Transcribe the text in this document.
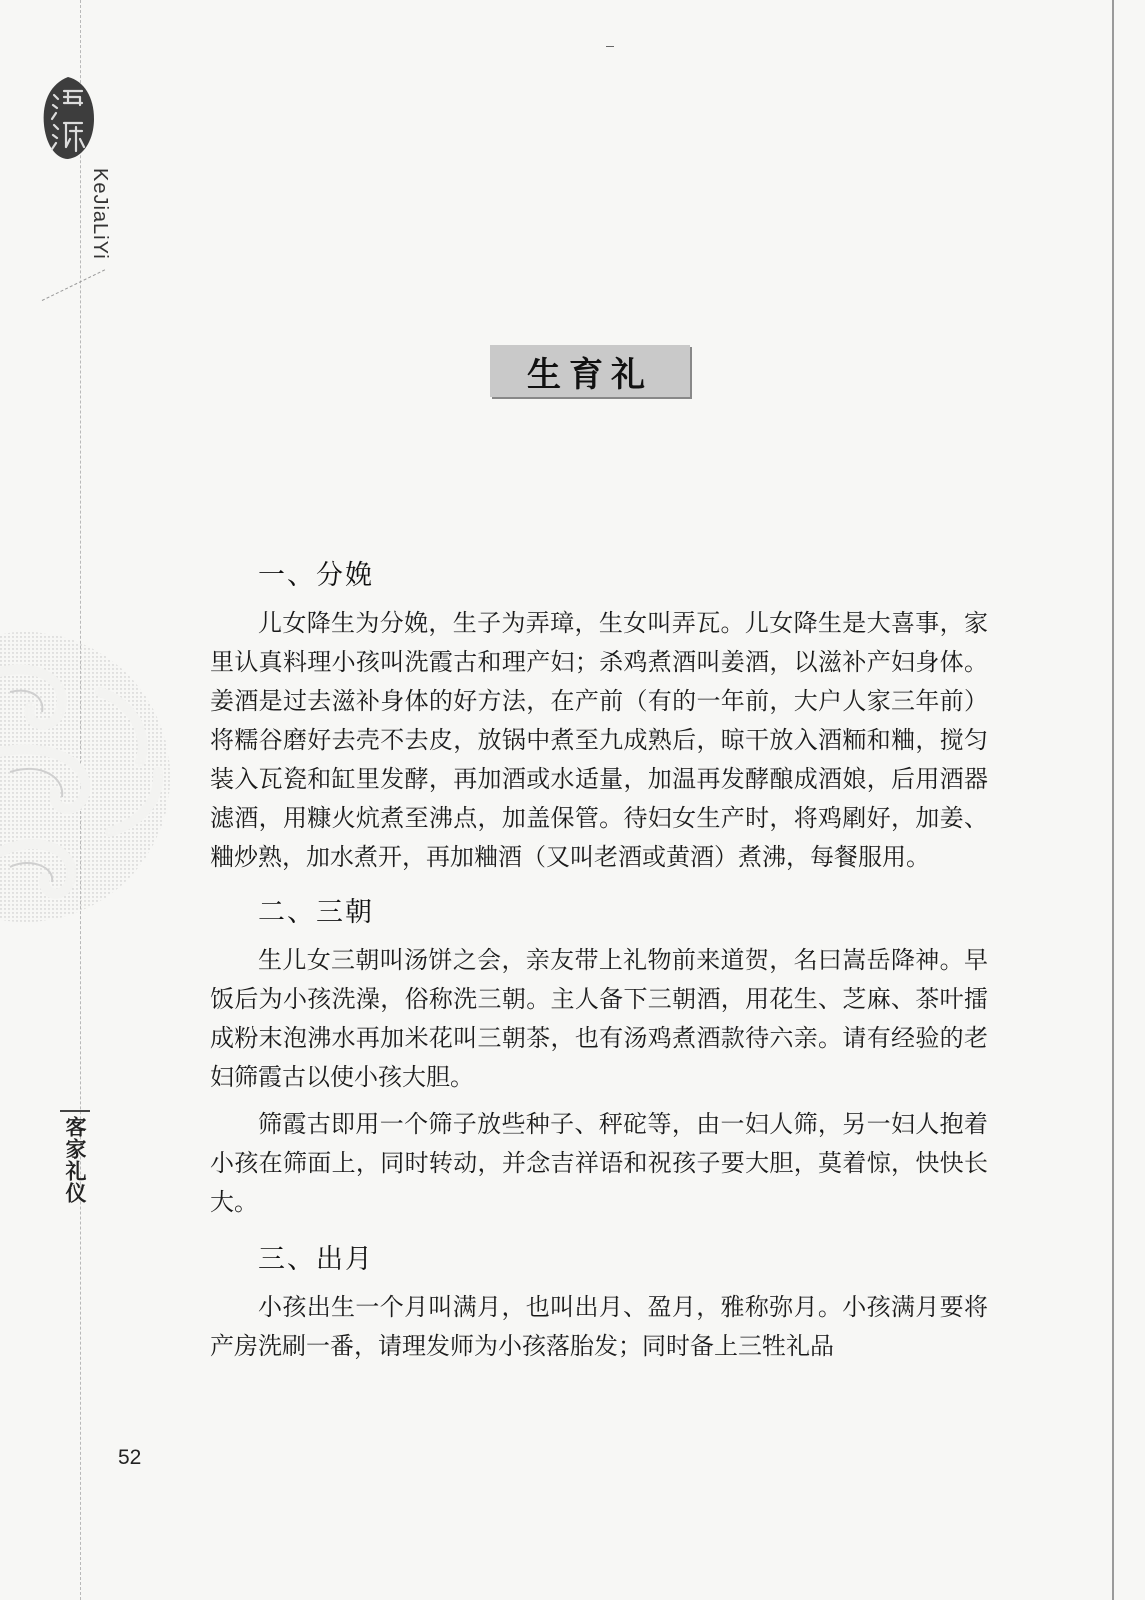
KeJiaLiYi
客家礼仪
生育礼
一、分娩

儿女降生为分娩，生子为弄璋，生女叫弄瓦。儿女降生是大喜事，家里认真料理小孩叫洗霞古和理产妇；杀鸡煮酒叫姜酒，以滋补产妇身体。姜酒是过去滋补身体的好方法，在产前（有的一年前，大户人家三年前）将糯谷磨好去壳不去皮，放锅中煮至九成熟后，晾干放入酒粫和粬，搅匀装入瓦瓷和缸里发酵，再加酒或水适量，加温再发酵酿成酒娘，后用酒器滤酒，用糠火炕煮至沸点，加盖保管。待妇女生产时，将鸡㓾好，加姜、粬炒熟，加水煮开，再加粬酒（又叫老酒或黄酒）煮沸，每餐服用。

二、三朝

生儿女三朝叫汤饼之会，亲友带上礼物前来道贺，名曰嵩岳降神。早饭后为小孩洗澡，俗称洗三朝。主人备下三朝酒，用花生、芝麻、茶叶擂成粉末泡沸水再加米花叫三朝茶，也有汤鸡煮酒款待六亲。请有经验的老妇筛霞古以使小孩大胆。

筛霞古即用一个筛子放些种子、秤砣等，由一妇人筛，另一妇人抱着小孩在筛面上，同时转动，并念吉祥语和祝孩子要大胆，莫着惊，快快长大。

三、出月

小孩出生一个月叫满月，也叫出月、盈月，雅称弥月。小孩满月要将产房洗刷一番，请理发师为小孩落胎发；同时备上三牲礼品

52
